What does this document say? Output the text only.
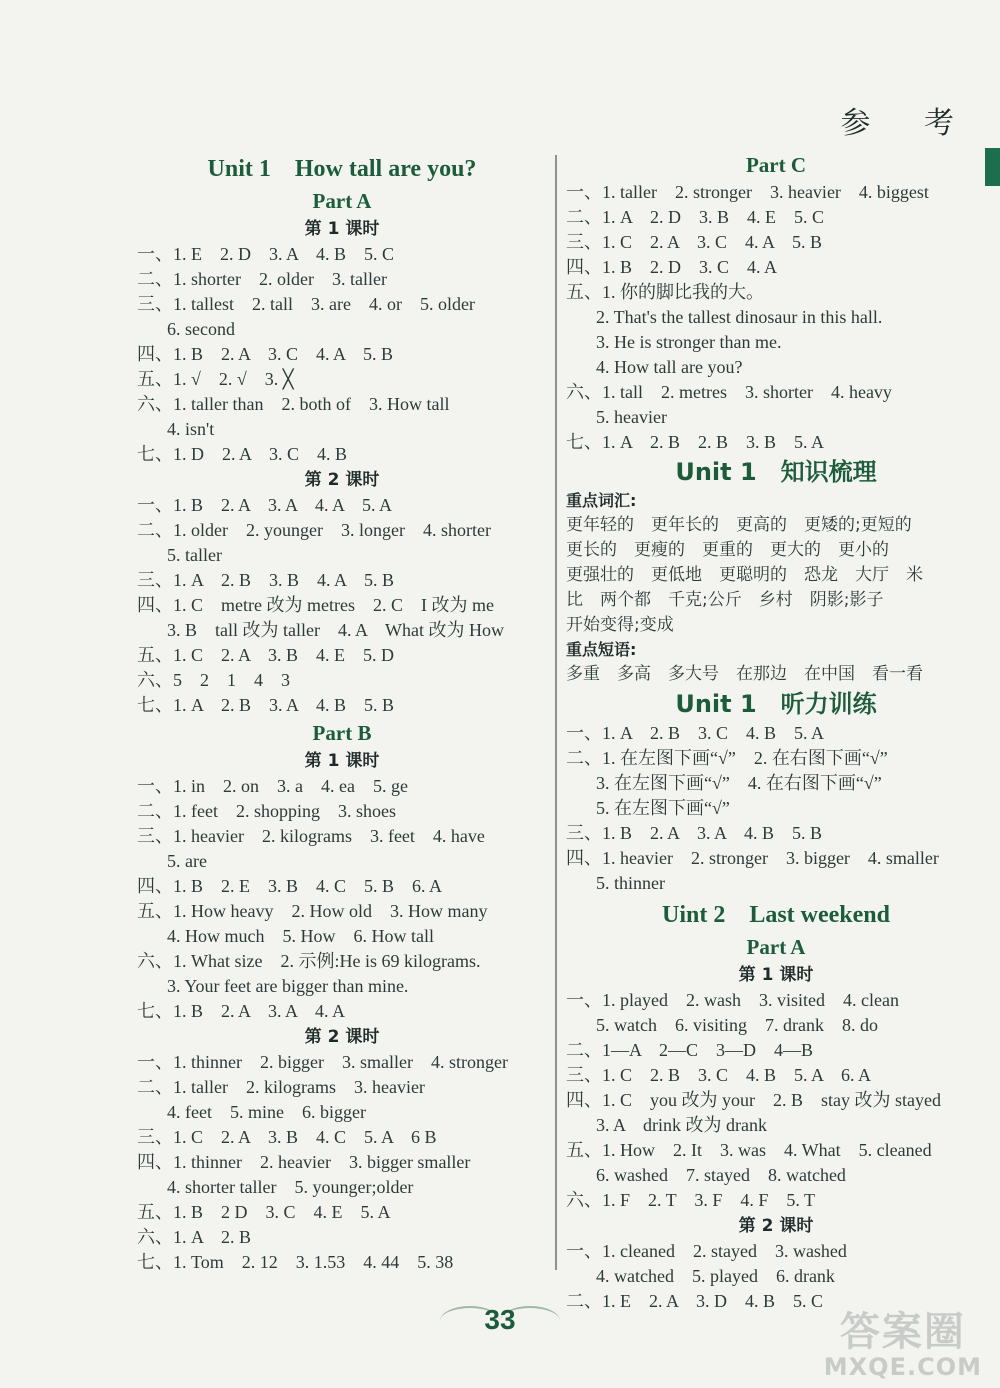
参 考
Unit 1　How tall are you?
Part A
第 1 课时
一、1. E　2. D　3. A　4. B　5. C
二、1. shorter　2. older　3. taller
三、1. tallest　2. tall　3. are　4. or　5. older
6. second
四、1. B　2. A　3. C　4. A　5. B
五、1. √　2. √　3. ╳
六、1. taller than　2. both of　3. How tall
4. isn't
七、1. D　2. A　3. C　4. B
第 2 课时
一、1. B　2. A　3. A　4. A　5. A
二、1. older　2. younger　3. longer　4. shorter
5. taller
三、1. A　2. B　3. B　4. A　5. B
四、1. C　metre 改为 metres　2. C　I 改为 me
3. B　tall 改为 taller　4. A　What 改为 How
五、1. C　2. A　3. B　4. E　5. D
六、5　2　1　4　3
七、1. A　2. B　3. A　4. B　5. B
Part B
第 1 课时
一、1. in　2. on　3. a　4. ea　5. ge
二、1. feet　2. shopping　3. shoes
三、1. heavier　2. kilograms　3. feet　4. have
5. are
四、1. B　2. E　3. B　4. C　5. B　6. A
五、1. How heavy　2. How old　3. How many
4. How much　5. How　6. How tall
六、1. What size　2. 示例:He is 69 kilograms.
3. Your feet are bigger than mine.
七、1. B　2. A　3. A　4. A
第 2 课时
一、1. thinner　2. bigger　3. smaller　4. stronger
二、1. taller　2. kilograms　3. heavier
4. feet　5. mine　6. bigger
三、1. C　2. A　3. B　4. C　5. A　6 B
四、1. thinner　2. heavier　3. bigger smaller
4. shorter taller　5. younger;older
五、1. B　2 D　3. C　4. E　5. A
六、1. A　2. B
七、1. Tom　2. 12　3. 1.53　4. 44　5. 38
Part C
一、1. taller　2. stronger　3. heavier　4. biggest
二、1. A　2. D　3. B　4. E　5. C
三、1. C　2. A　3. C　4. A　5. B
四、1. B　2. D　3. C　4. A
五、1. 你的脚比我的大。
2. That's the tallest dinosaur in this hall.
3. He is stronger than me.
4. How tall are you?
六、1. tall　2. metres　3. shorter　4. heavy
5. heavier
七、1. A　2. B　2. B　3. B　5. A
Unit 1　知识梳理
重点词汇:
更年轻的　更年长的　更高的　更矮的;更短的
更长的　更瘦的　更重的　更大的　更小的
更强壮的　更低地　更聪明的　恐龙　大厅　米
比　两个都　千克;公斤　乡村　阴影;影子
开始变得;变成
重点短语:
多重　多高　多大号　在那边　在中国　看一看
Unit 1　听力训练
一、1. A　2. B　3. C　4. B　5. A
二、1. 在左图下画“√”　2. 在右图下画“√”
3. 在左图下画“√”　4. 在右图下画“√”
5. 在左图下画“√”
三、1. B　2. A　3. A　4. B　5. B
四、1. heavier　2. stronger　3. bigger　4. smaller
5. thinner
Uint 2　Last weekend
Part A
第 1 课时
一、1. played　2. wash　3. visited　4. clean
5. watch　6. visiting　7. drank　8. do
二、1—A　2—C　3—D　4—B
三、1. C　2. B　3. C　4. B　5. A　6. A
四、1. C　you 改为 your　2. B　stay 改为 stayed
3. A　drink 改为 drank
五、1. How　2. It　3. was　4. What　5. cleaned
6. washed　7. stayed　8. watched
六、1. F　2. T　3. F　4. F　5. T
第 2 课时
一、1. cleaned　2. stayed　3. washed
4. watched　5. played　6. drank
二、1. E　2. A　3. D　4. B　5. C
33	答案圈
MXQE.COM
